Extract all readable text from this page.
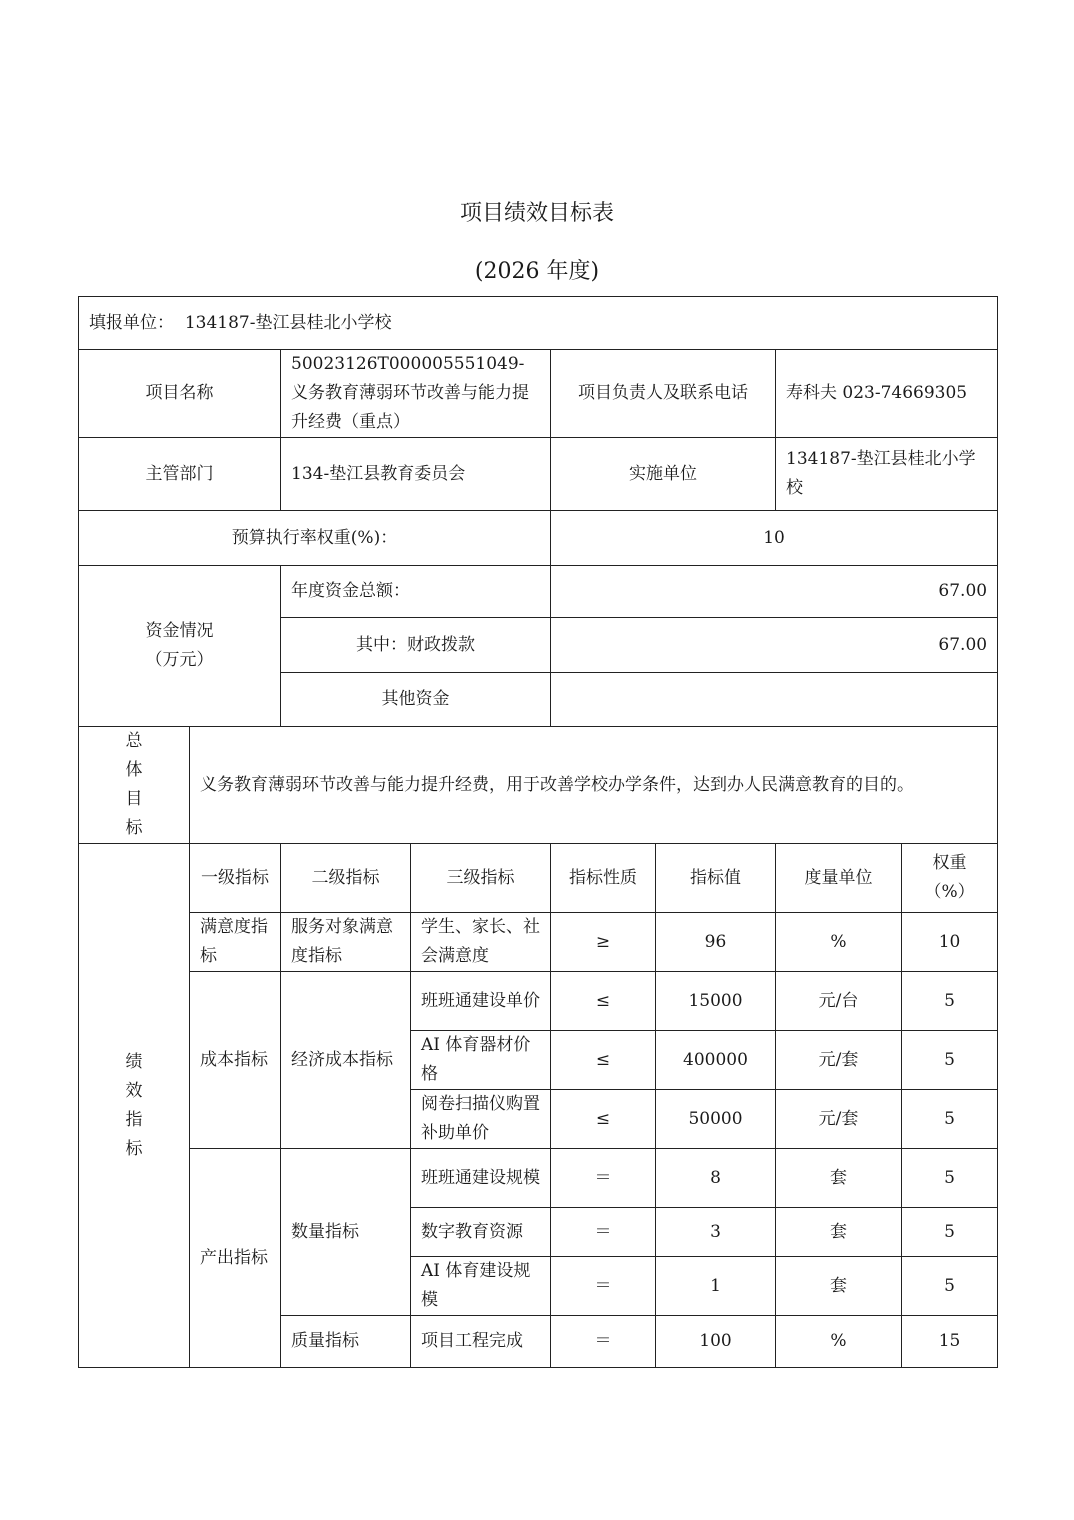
项目绩效目标表
(2026 年度)
填报单位： 134187-垫江县桂北小学校							
项目名称		50023126T000005551049-义务教育薄弱环节改善与能力提升经费（重点）		项目负责人及联系电话		寿科夫 023-74669305	
主管部门		134-垫江县教育委员会		实施单位		134187-垫江县桂北小学校	
预算执行率权重(%)：				10			
资金情况（万元）		年度资金总额：		67.00			
		其中：财政拨款		67.00			
		其他资金					

总体目标	义务教育薄弱环节改善与能力提升经费，用于改善学校办学条件，达到办人民满意教育的目的。						

绩效指标	一级指标	二级指标	三级指标	指标性质	指标值	度量单位	权重（%）
	满意度指标	服务对象满意度指标	学生、家长、社会满意度	≥	96	%	10
	成本指标	经济成本指标	班班通建设单价	≤	15000	元/台	5
			AI 体育器材价格	≤	400000	元/套	5
			阅卷扫描仪购置补助单价	≤	50000	元/套	5
	产出指标	数量指标	班班通建设规模	＝	8	套	5
			数字教育资源	＝	3	套	5
			AI 体育建设规模	＝	1	套	5
		质量指标	项目工程完成	＝	100	%	15
